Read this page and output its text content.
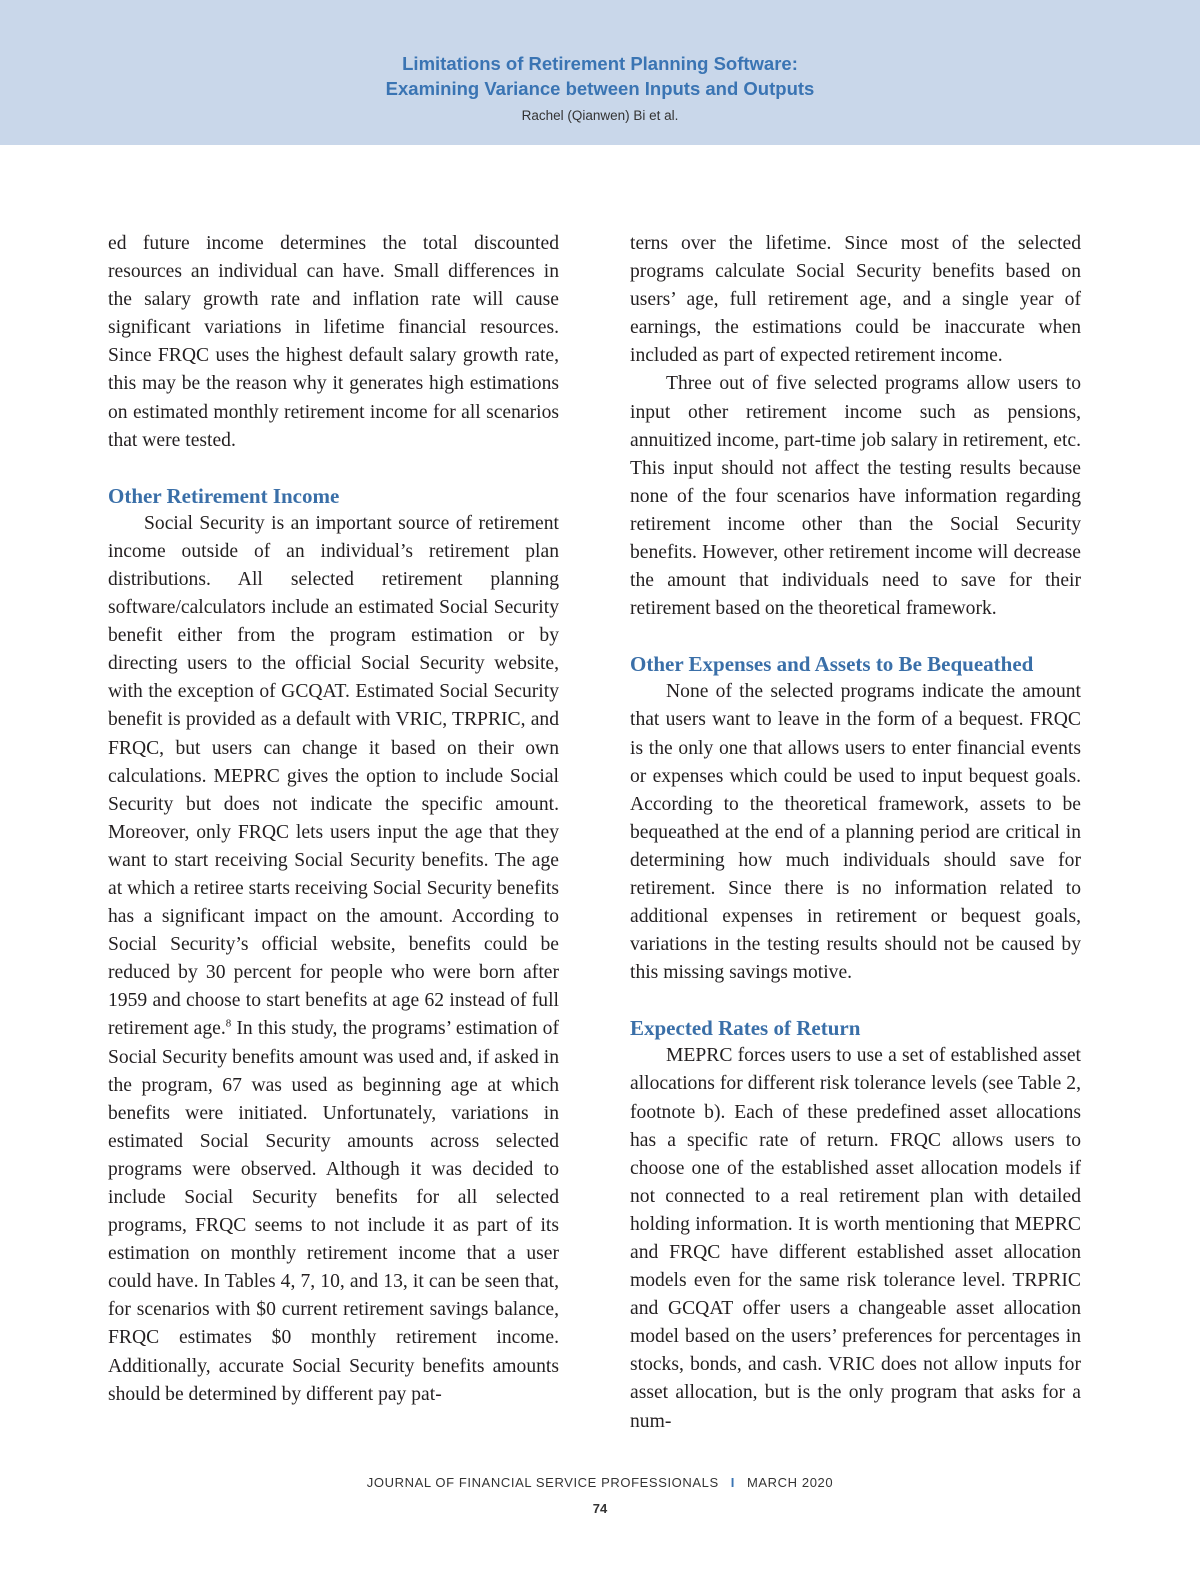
Limitations of Retirement Planning Software:
Examining Variance between Inputs and Outputs
Rachel (Qianwen) Bi et al.

ed future income determines the total discounted resources an individual can have. Small differences in the salary growth rate and inflation rate will cause significant variations in lifetime financial resources. Since FRQC uses the highest default salary growth rate, this may be the reason why it generates high estimations on estimated monthly retirement income for all scenarios that were tested.

Other Retirement Income

Social Security is an important source of retirement income outside of an individual’s retirement plan distributions. All selected retirement planning software/calculators include an estimated Social Security benefit either from the program estimation or by directing users to the official Social Security website, with the exception of GCQAT. Estimated Social Security benefit is provided as a default with VRIC, TRPRIC, and FRQC, but users can change it based on their own calculations. MEPRC gives the option to include Social Security but does not indicate the specific amount. Moreover, only FRQC lets users input the age that they want to start receiving Social Security benefits. The age at which a retiree starts receiving Social Security benefits has a significant impact on the amount. According to Social Security’s official website, benefits could be reduced by 30 percent for people who were born after 1959 and choose to start benefits at age 62 instead of full retirement age.$^8$ In this study, the programs’ estimation of Social Security benefits amount was used and, if asked in the program, 67 was used as beginning age at which benefits were initiated. Unfortunately, variations in estimated Social Security amounts across selected programs were observed. Although it was decided to include Social Security benefits for all selected programs, FRQC seems to not include it as part of its estimation on monthly retirement income that a user could have. In Tables 4, 7, 10, and 13, it can be seen that, for scenarios with $0 current retirement savings balance, FRQC estimates $0 monthly retirement income. Additionally, accurate Social Security benefits amounts should be determined by different pay pat-

terns over the lifetime. Since most of the selected programs calculate Social Security benefits based on users’ age, full retirement age, and a single year of earnings, the estimations could be inaccurate when included as part of expected retirement income.

Three out of five selected programs allow users to input other retirement income such as pensions, annuitized income, part-time job salary in retirement, etc. This input should not affect the testing results because none of the four scenarios have information regarding retirement income other than the Social Security benefits. However, other retirement income will decrease the amount that individuals need to save for their retirement based on the theoretical framework.

Other Expenses and Assets to Be Bequeathed

None of the selected programs indicate the amount that users want to leave in the form of a bequest. FRQC is the only one that allows users to enter financial events or expenses which could be used to input bequest goals. According to the theoretical framework, assets to be bequeathed at the end of a planning period are critical in determining how much individuals should save for retirement. Since there is no information related to additional expenses in retirement or bequest goals, variations in the testing results should not be caused by this missing savings motive.

Expected Rates of Return

MEPRC forces users to use a set of established asset allocations for different risk tolerance levels (see Table 2, footnote b). Each of these predefined asset allocations has a specific rate of return. FRQC allows users to choose one of the established asset allocation models if not connected to a real retirement plan with detailed holding information. It is worth mentioning that MEPRC and FRQC have different established asset allocation models even for the same risk tolerance level. TRPRIC and GCQAT offer users a changeable asset allocation model based on the users’ preferences for percentages in stocks, bonds, and cash. VRIC does not allow inputs for asset allocation, but is the only program that asks for a num-

JOURNAL OF FINANCIAL SERVICE PROFESSIONALS I MARCH 2020
74
